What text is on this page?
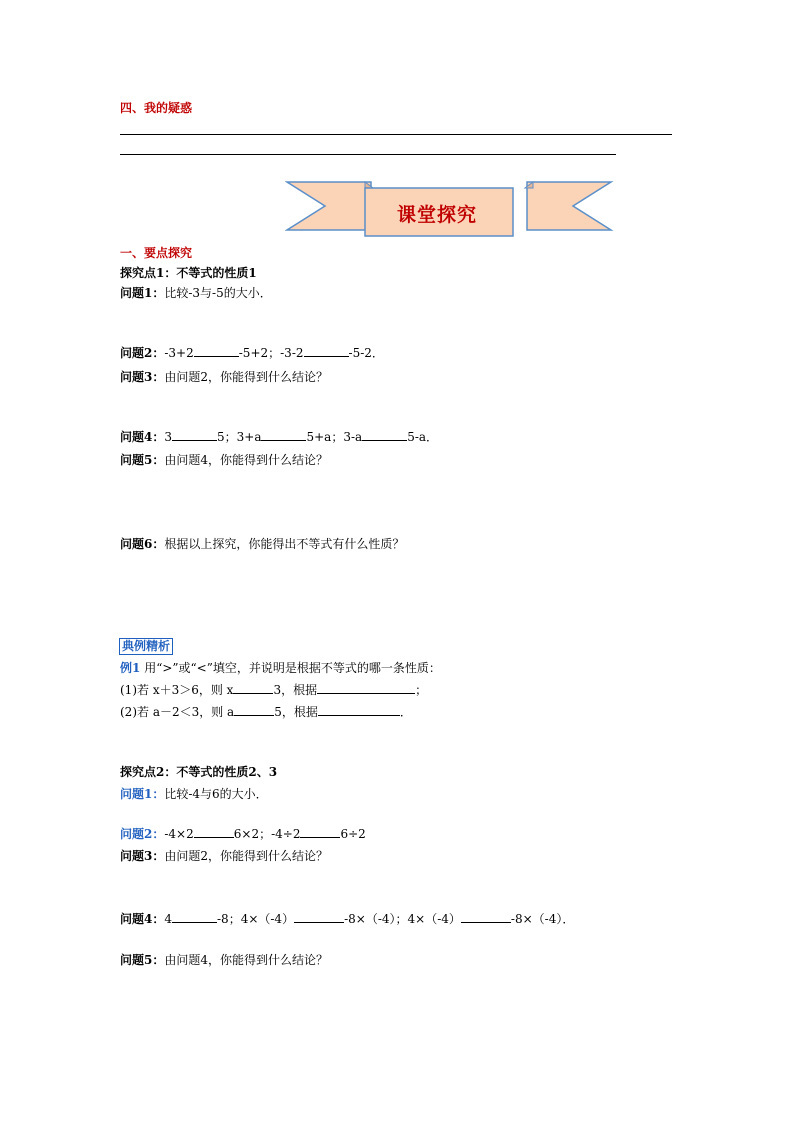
四、我的疑惑
课堂探究
一、要点探究
探究点1：不等式的性质1
问题1：比较-3与-5的大小．
问题2：-3+2	-5+2；-3-2	-5-2．
问题3：由问题2，你能得到什么结论？
问题4：3	5；3+a	5+a；3-a	5-a．
问题5：由问题4，你能得到什么结论？
问题6：根据以上探究，你能得出不等式有什么性质？
典例精析
例1 用“>”或“<”填空，并说明是根据不等式的哪一条性质：
(1)若 x＋3＞6，则 x	3，根据	；
(2)若 a－2＜3，则 a	5，根据	．
探究点2：不等式的性质2、3
问题1：比较-4与6的大小．
问题2：-4×2	6×2；-4÷2	6÷2
问题3：由问题2，你能得到什么结论？
问题4：4	-8；4×（-4）	-8×（-4）；4×（-4）	-8×（-4）．
问题5：由问题4，你能得到什么结论？
